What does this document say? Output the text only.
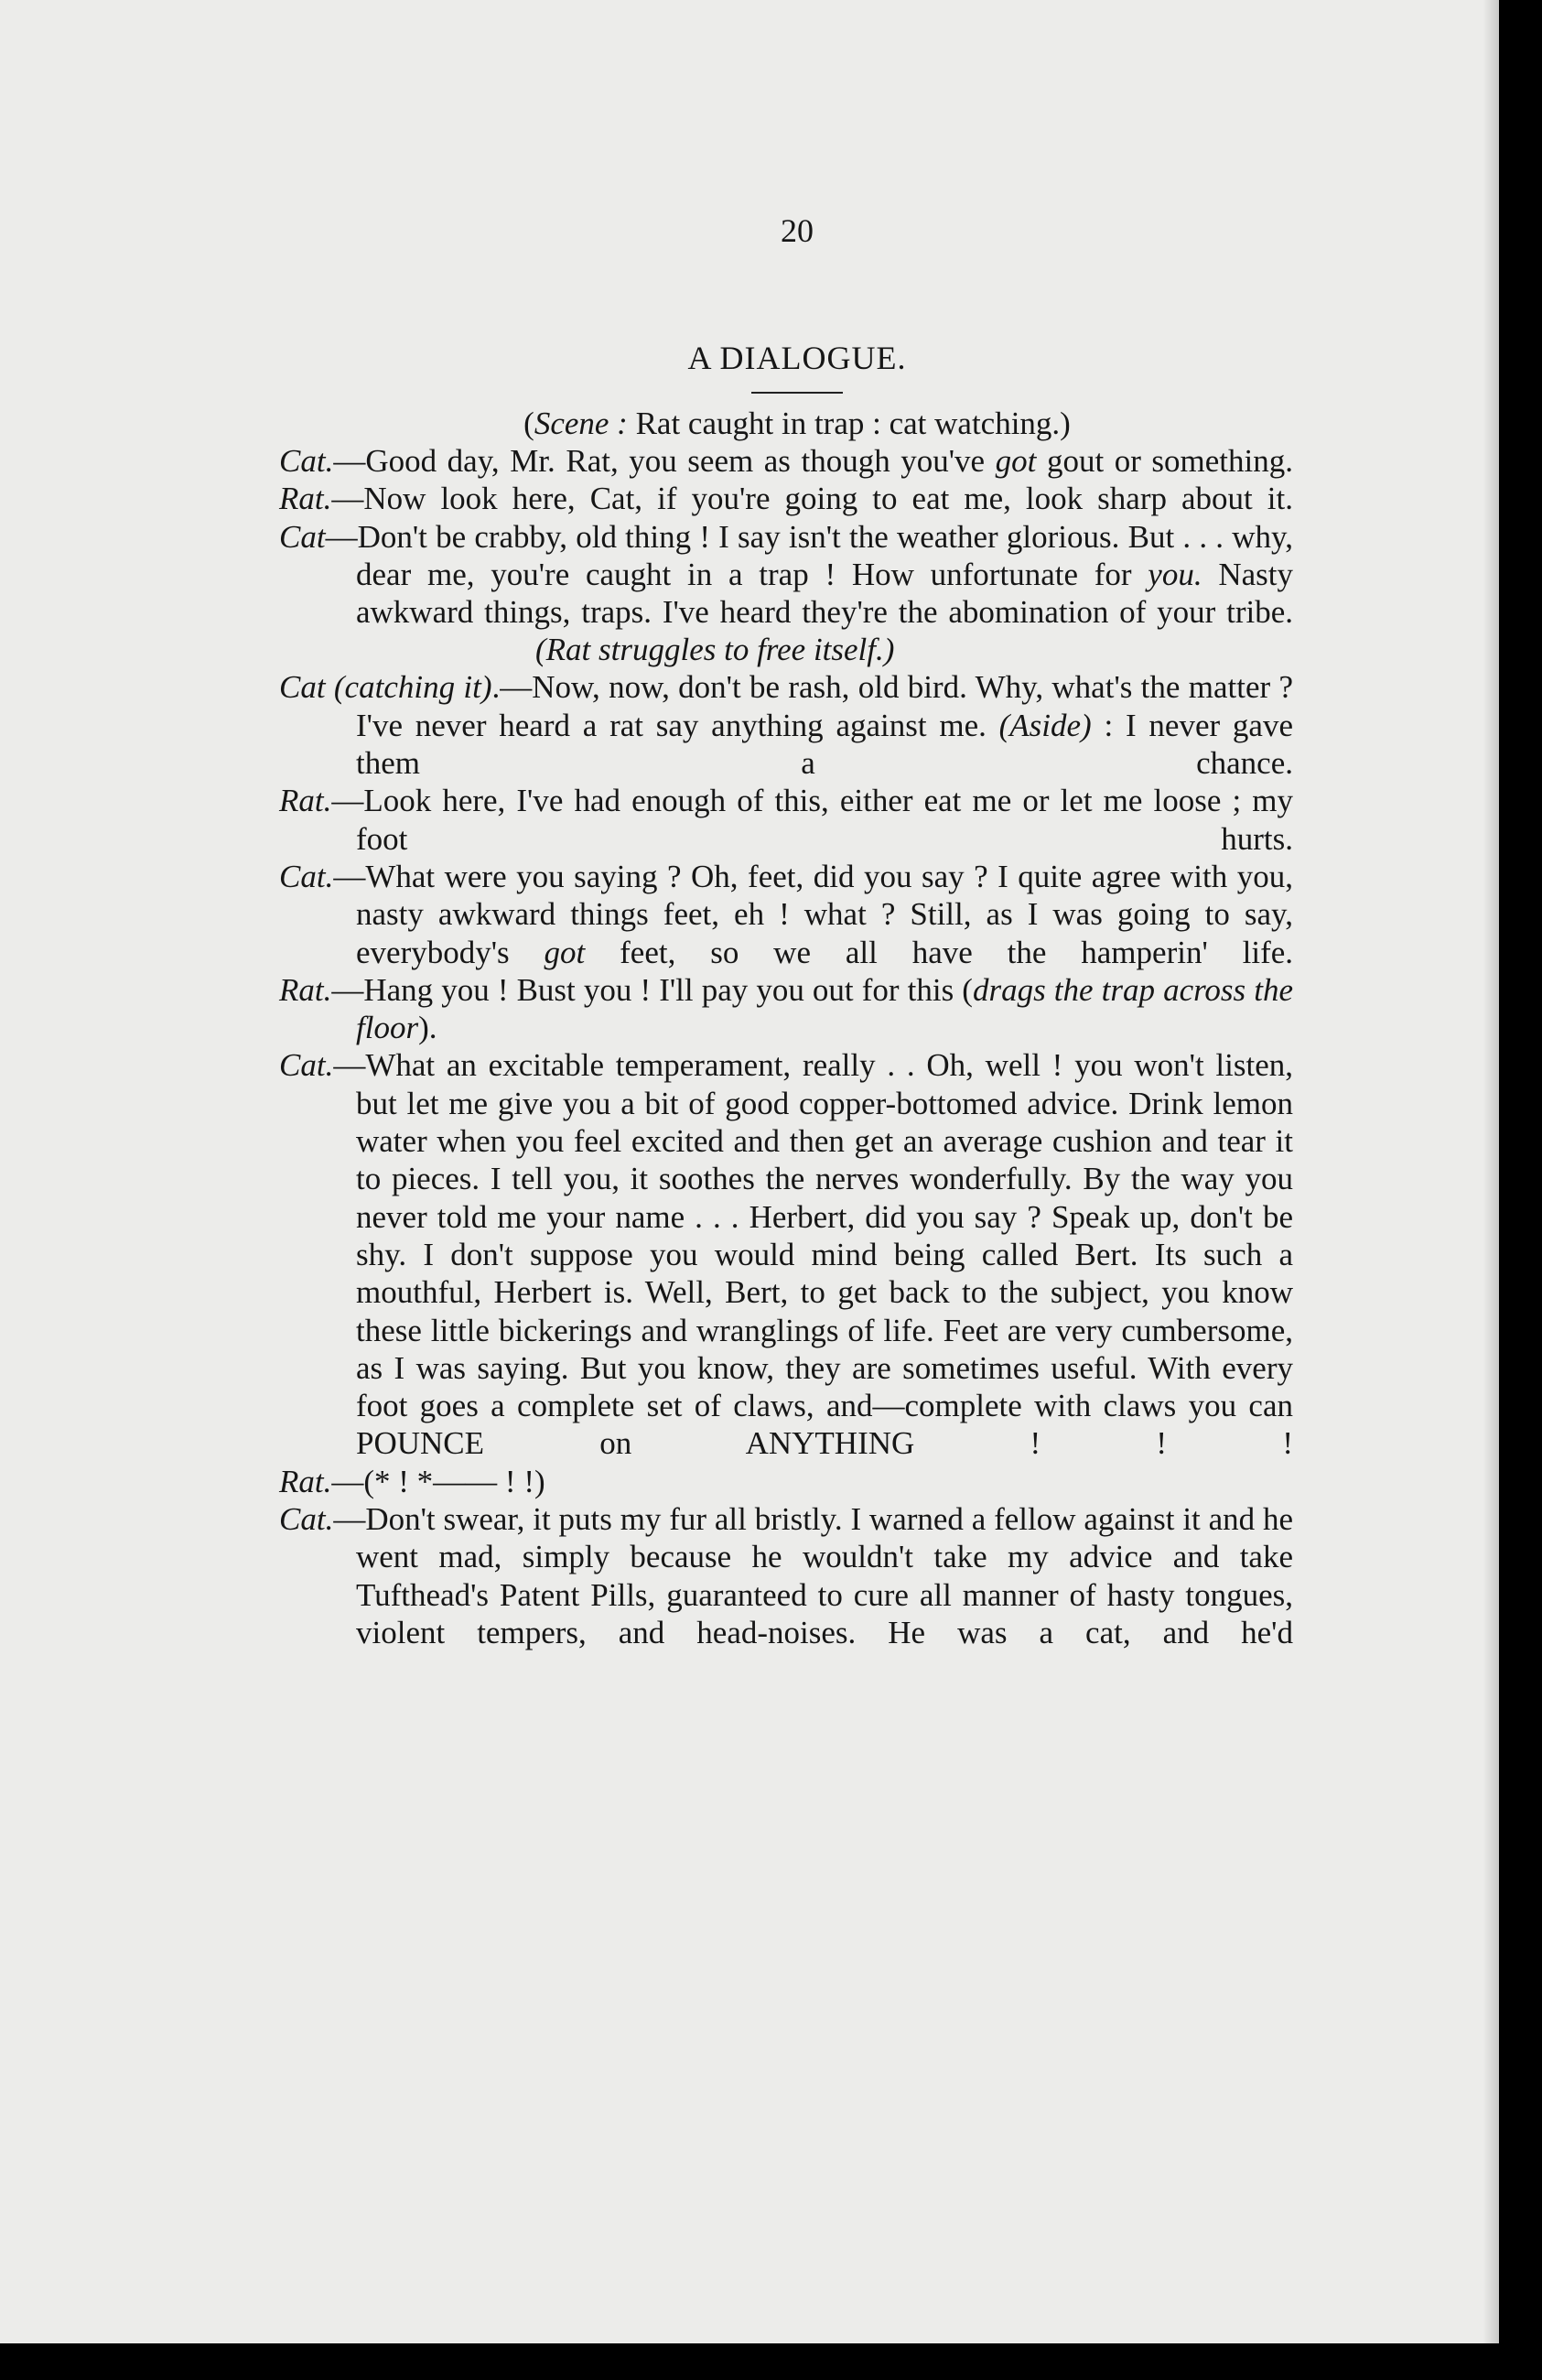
20
A DIALOGUE.
(Scene : Rat caught in trap : cat watching.)
Cat.—Good day, Mr. Rat, you seem as though you've got gout or something.
Rat.—Now look here, Cat, if you're going to eat me, look sharp about it.
Cat—Don't be crabby, old thing ! I say isn't the weather glorious. But . . . why, dear me, you're caught in a trap ! How unfortunate for you. Nasty awkward things, traps. I've heard they're the abomination of your tribe.
(Rat struggles to free itself.)
Cat (catching it).—Now, now, don't be rash, old bird. Why, what's the matter ? I've never heard a rat say anything against me. (Aside) : I never gave them a chance.
Rat.—Look here, I've had enough of this, either eat me or let me loose ; my foot hurts.
Cat.—What were you saying ? Oh, feet, did you say ? I quite agree with you, nasty awkward things feet, eh ! what ? Still, as I was going to say, everybody's got feet, so we all have the hamperin' life.
Rat.—Hang you ! Bust you ! I'll pay you out for this (drags the trap across the floor).
Cat.—What an excitable temperament, really . . Oh, well ! you won't listen, but let me give you a bit of good copper-bottomed advice. Drink lemon water when you feel excited and then get an average cushion and tear it to pieces. I tell you, it soothes the nerves wonderfully. By the way you never told me your name . . . Herbert, did you say ? Speak up, don't be shy. I don't suppose you would mind being called Bert. Its such a mouthful, Herbert is. Well, Bert, to get back to the subject, you know these little bickerings and wranglings of life. Feet are very cumbersome, as I was saying. But you know, they are sometimes useful. With every foot goes a complete set of claws, and—complete with claws you can POUNCE on ANYTHING ! ! !
Rat.—(* ! *—— ! !)
Cat.—Don't swear, it puts my fur all bristly. I warned a fellow against it and he went mad, simply because he wouldn't take my advice and take Tufthead's Patent Pills, guaranteed to cure all manner of hasty tongues, violent tempers, and head-noises. He was a cat, and he'd
